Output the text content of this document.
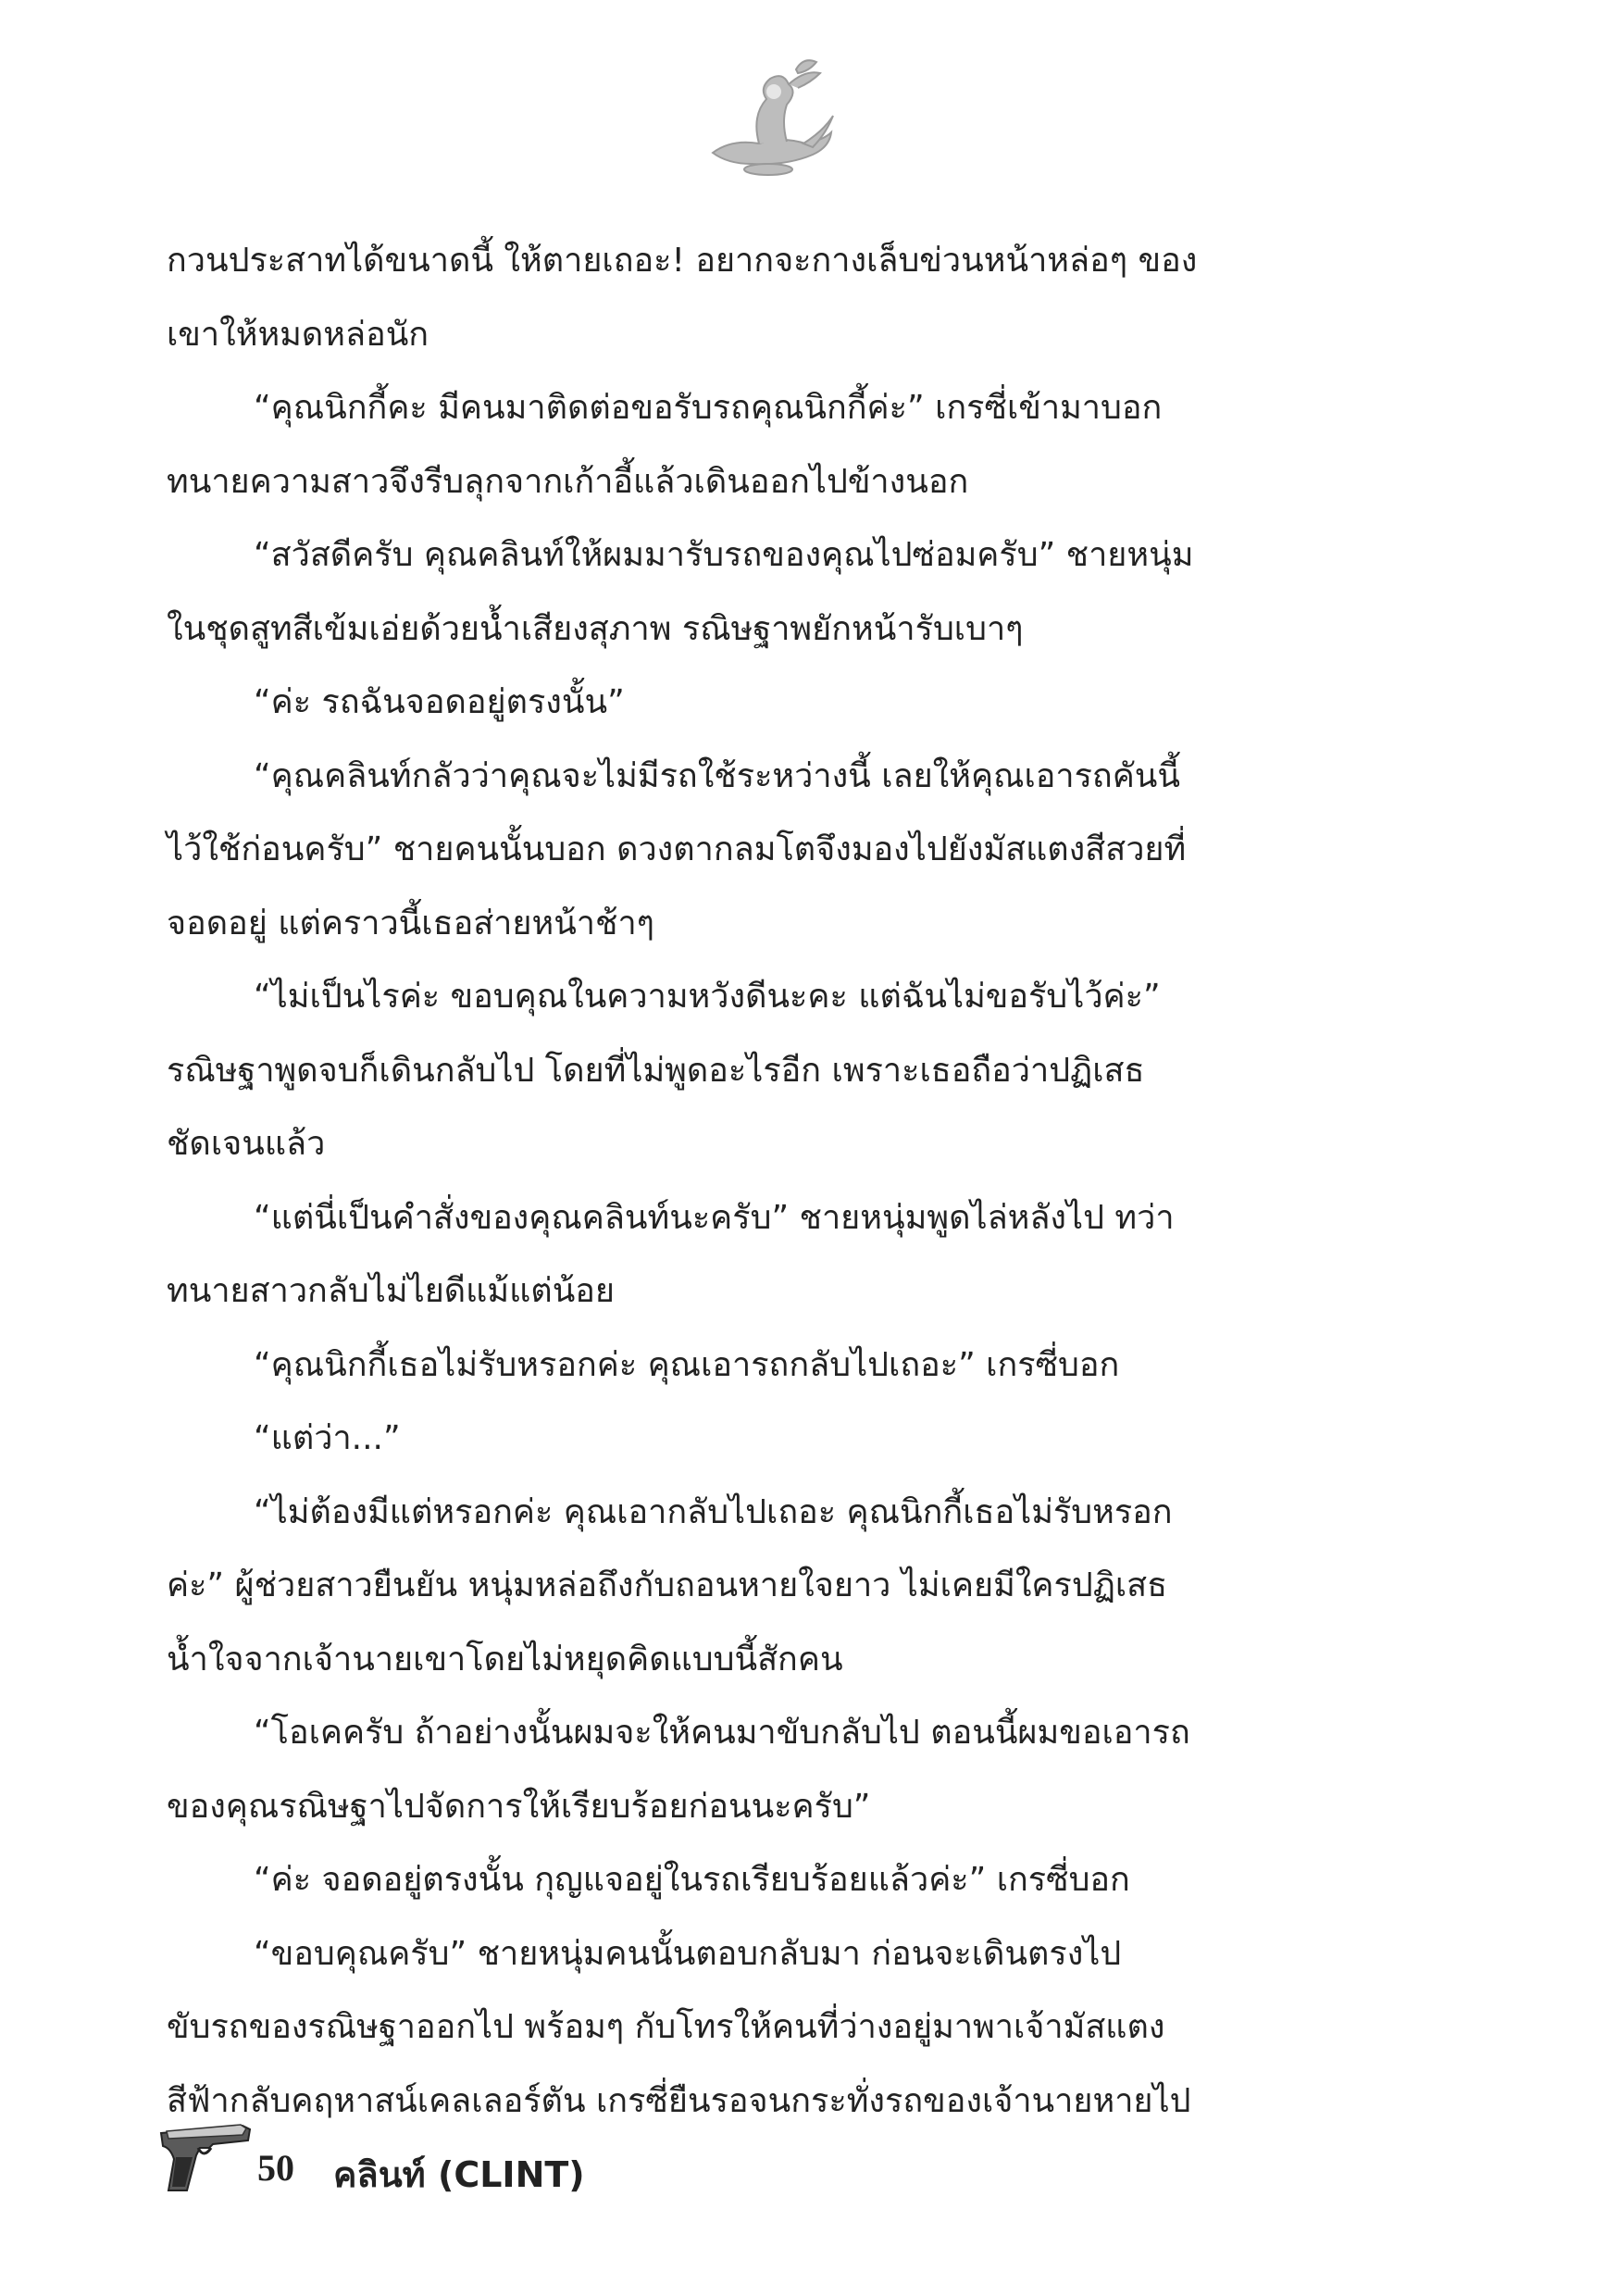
กวนประสาทได้ขนาดนี้ ให้ตายเถอะ! อยากจะกางเล็บข่วนหน้าหล่อๆ ของ
เขาให้หมดหล่อนัก
“คุณนิกกี้คะ มีคนมาติดต่อขอรับรถคุณนิกกี้ค่ะ” เกรซี่เข้ามาบอก
ทนายความสาวจึงรีบลุกจากเก้าอี้แล้วเดินออกไปข้างนอก
“สวัสดีครับ คุณคลินท์ให้ผมมารับรถของคุณไปซ่อมครับ” ชายหนุ่ม
ในชุดสูทสีเข้มเอ่ยด้วยน้ำเสียงสุภาพ รณิษฐาพยักหน้ารับเบาๆ
“ค่ะ รถฉันจอดอยู่ตรงนั้น”
“คุณคลินท์กลัวว่าคุณจะไม่มีรถใช้ระหว่างนี้ เลยให้คุณเอารถคันนี้
ไว้ใช้ก่อนครับ” ชายคนนั้นบอก ดวงตากลมโตจึงมองไปยังมัสแตงสีสวยที่
จอดอยู่ แต่คราวนี้เธอส่ายหน้าช้าๆ
“ไม่เป็นไรค่ะ ขอบคุณในความหวังดีนะคะ แต่ฉันไม่ขอรับไว้ค่ะ”
รณิษฐาพูดจบก็เดินกลับไป โดยที่ไม่พูดอะไรอีก เพราะเธอถือว่าปฏิเสธ
ชัดเจนแล้ว
“แต่นี่เป็นคำสั่งของคุณคลินท์นะครับ” ชายหนุ่มพูดไล่หลังไป ทว่า
ทนายสาวกลับไม่ไยดีแม้แต่น้อย
“คุณนิกกี้เธอไม่รับหรอกค่ะ คุณเอารถกลับไปเถอะ” เกรซี่บอก
“แต่ว่า...”
“ไม่ต้องมีแต่หรอกค่ะ คุณเอากลับไปเถอะ คุณนิกกี้เธอไม่รับหรอก
ค่ะ” ผู้ช่วยสาวยืนยัน หนุ่มหล่อถึงกับถอนหายใจยาว ไม่เคยมีใครปฏิเสธ
น้ำใจจากเจ้านายเขาโดยไม่หยุดคิดแบบนี้สักคน
“โอเคครับ ถ้าอย่างนั้นผมจะให้คนมาขับกลับไป ตอนนี้ผมขอเอารถ
ของคุณรณิษฐาไปจัดการให้เรียบร้อยก่อนนะครับ”
“ค่ะ จอดอยู่ตรงนั้น กุญแจอยู่ในรถเรียบร้อยแล้วค่ะ” เกรซี่บอก
“ขอบคุณครับ” ชายหนุ่มคนนั้นตอบกลับมา ก่อนจะเดินตรงไป
ขับรถของรณิษฐาออกไป พร้อมๆ กับโทรให้คนที่ว่างอยู่มาพาเจ้ามัสแตง
สีฟ้ากลับคฤหาสน์เคลเลอร์ตัน เกรซี่ยืนรอจนกระทั่งรถของเจ้านายหายไป
50 คลินท์ (CLINT)
